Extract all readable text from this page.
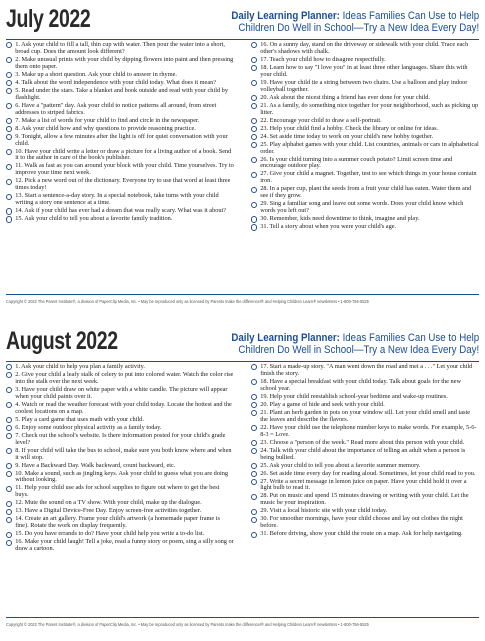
July 2022	Daily Learning Planner: Ideas Families Can Use to Help
Children Do Well in School—Try a New Idea Every Day!
1. Ask your child to fill a tall, thin cup with water. Then pour the water into a short, broad cup. Does the amount look different?
2. Make unusual prints with your child by dipping flowers into paint and then pressing them onto paper.
3. Make up a short question. Ask your child to answer in rhyme.
4. Talk about the word independence with your child today. What does it mean?
5. Read under the stars. Take a blanket and book outside and read with your child by flashlight.
6. Have a "pattern" day. Ask your child to notice patterns all around, from street addresses to striped fabrics.
7. Make a list of words for your child to find and circle in the newspaper.
8. Ask your child how and why questions to provide reasoning practice.
9. Tonight, allow a few minutes after the light is off for quiet conversation with your child.
10. Have your child write a letter or draw a picture for a living author of a book. Send it to the author in care of the book's publisher.
11. Walk as fast as you can around your block with your child. Time yourselves. Try to improve your time next week.
12. Pick a new word out of the dictionary. Everyone try to use that word at least three times today!
13. Start a sentence-a-day story. In a special notebook, take turns with your child writing a story one sentence at a time.
14. Ask if your child has ever had a dream that was really scary. What was it about?
15. Ask your child to tell you about a favorite family tradition.
16. On a sunny day, stand on the driveway or sidewalk with your child. Trace each other's shadows with chalk.
17. Teach your child how to disagree respectfully.
18. Learn how to say "I love you" in at least three other languages. Share this with your child.
19. Have your child tie a string between two chairs. Use a balloon and play indoor volleyball together.
20. Ask about the nicest thing a friend has ever done for your child.
21. As a family, do something nice together for your neighborhood, such as picking up litter.
22. Encourage your child to draw a self-portrait.
23. Help your child find a hobby. Check the library or online for ideas.
24. Set aside time today to work on your child's new hobby together.
25. Play alphabet games with your child. List countries, animals or cars in alphabetical order.
26. Is your child turning into a summer couch potato? Limit screen time and encourage outdoor play.
27. Give your child a magnet. Together, test to see which things in your house contain iron.
28. In a paper cup, plant the seeds from a fruit your child has eaten. Water them and see if they grow.
29. Sing a familiar song and leave out some words. Does your child know which words you left out?
30. Remember, kids need downtime to think, imagine and play.
31. Tell a story about when you were your child's age.
Copyright © 2022 The Parent Institute®, a division of PaperClip Media, Inc. • May be reproduced only as licensed by Parents make the difference!® and Helping Children Learn® newsletters • 1-800-756-5525
August 2022	Daily Learning Planner: Ideas Families Can Use to Help
Children Do Well in School—Try a New Idea Every Day!
1. Ask your child to help you plan a family activity.
2. Give your child a leafy stalk of celery to put into colored water. Watch the color rise into the stalk over the next week.
3. Have your child draw on white paper with a white candle. The picture will appear when your child paints over it.
4. Watch or read the weather forecast with your child today. Locate the hottest and the coolest locations on a map.
5. Play a card game that uses math with your child.
6. Enjoy some outdoor physical activity as a family today.
7. Check out the school's website. Is there information posted for your child's grade level?
8. If your child will take the bus to school, make sure you both know where and when it will stop.
9. Have a Backward Day. Walk backward, count backward, etc.
10. Make a sound, such as jingling keys. Ask your child to guess what you are doing without looking.
11. Help your child use ads for school supplies to figure out where to get the best buys.
12. Mute the sound on a TV show. With your child, make up the dialogue.
13. Have a Digital Device-Free Day. Enjoy screen-free activities together.
14. Create an art gallery. Frame your child's artwork (a homemade paper frame is fine). Rotate the work on display frequently.
15. Do you have errands to do? Have your child help you write a to-do list.
16. Make your child laugh! Tell a joke, read a funny story or poem, sing a silly song or draw a cartoon.
17. Start a made-up story. "A man went down the road and met a . . ." Let your child finish the story.
18. Have a special breakfast with your child today. Talk about goals for the new school year.
19. Help your child reestablish school-year bedtime and wake-up routines.
20. Play a game of hide and seek with your child.
21. Plant an herb garden in pots on your window sill. Let your child smell and taste the leaves and describe the flavors.
22. Have your child use the telephone number keys to make words. For example, 5-6-8-3 = Love.
23. Choose a "person of the week." Read more about this person with your child.
24. Talk with your child about the importance of telling an adult when a person is being bullied.
25. Ask your child to tell you about a favorite summer memory.
26. Set aside time every day for reading aloud. Sometimes, let your child read to you.
27. Write a secret message in lemon juice on paper. Have your child hold it over a light bulb to read it.
28. Put on music and spend 15 minutes drawing or writing with your child. Let the music be your inspiration.
29. Visit a local historic site with your child today.
30. For smoother mornings, have your child choose and lay out clothes the night before.
31. Before driving, show your child the route on a map. Ask for help navigating.
Copyright © 2022 The Parent Institute®, a division of PaperClip Media, Inc. • May be reproduced only as licensed by Parents make the difference!® and Helping Children Learn® newsletters • 1-800-756-5525
